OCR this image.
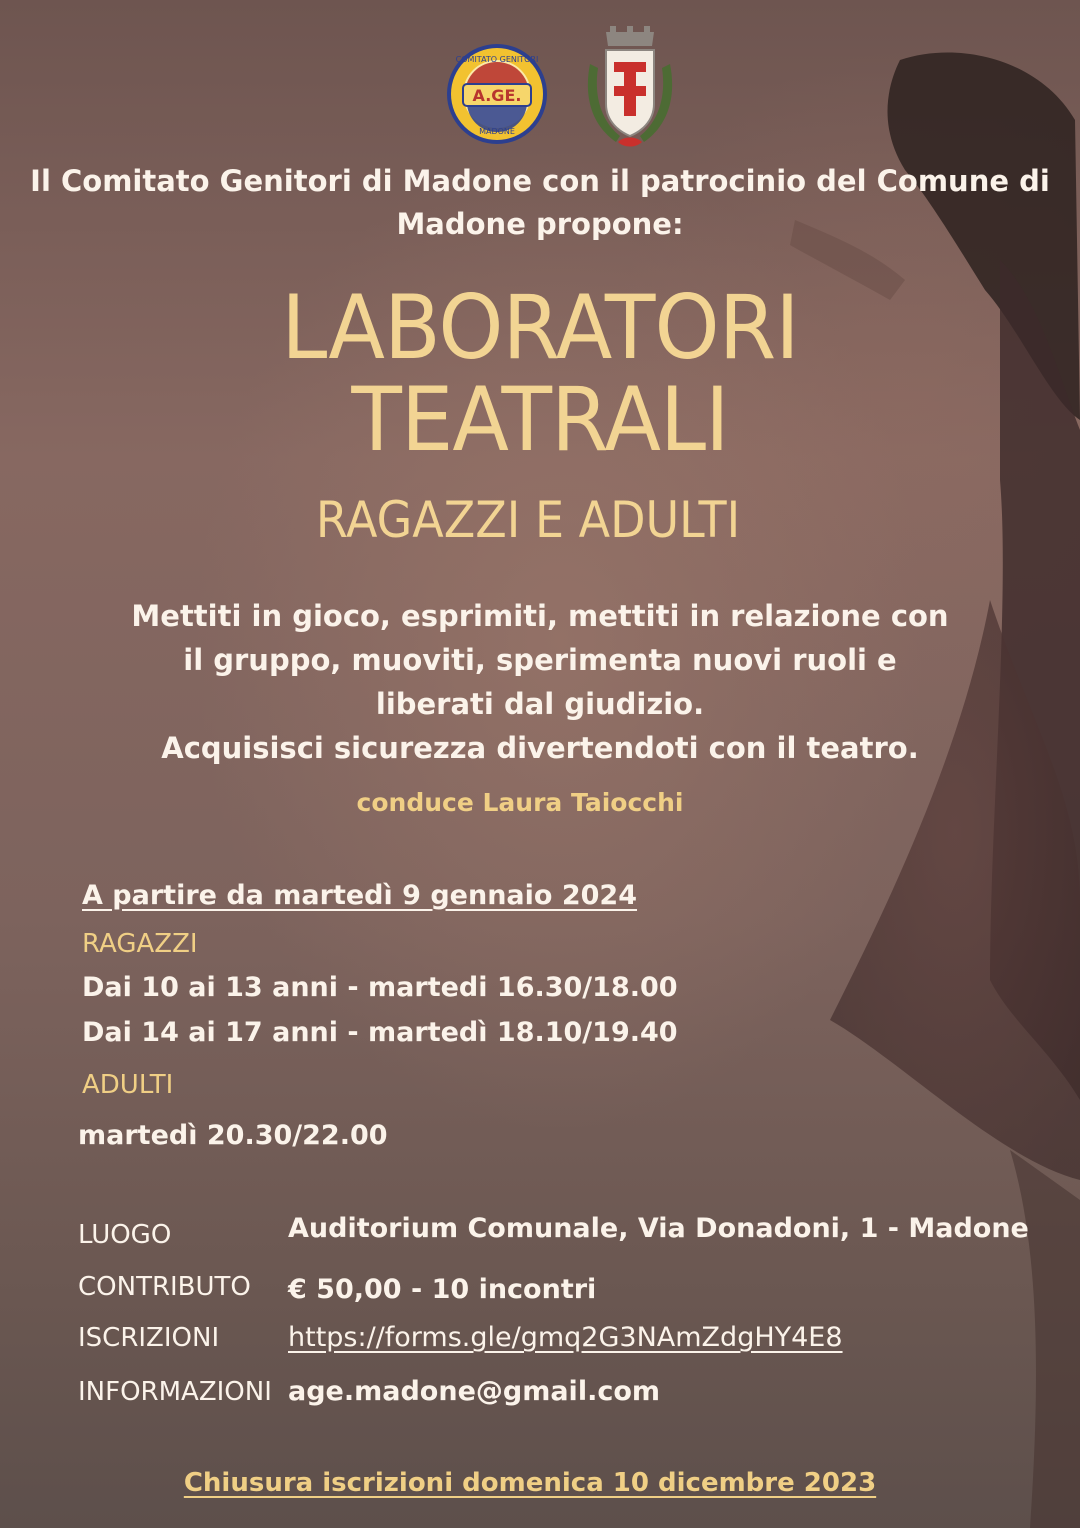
A.GE.
COMITATO GENITORI
MADONE
Il Comitato Genitori di Madone con il patrocinio del Comune di
Madone propone:
LABORATORI
TEATRALI
RAGAZZI E ADULTI
Mettiti in gioco, esprimiti, mettiti in relazione con
il gruppo, muoviti, sperimenta nuovi ruoli e
liberati dal giudizio.
Acquisisci sicurezza divertendoti con il teatro.
conduce Laura Taiocchi
A partire da martedì 9 gennaio 2024
RAGAZZI
Dai 10 ai 13 anni - martedi 16.30/18.00
Dai 14 ai 17 anni - martedì 18.10/19.40
ADULTI
martedì 20.30/22.00
LUOGO	Auditorium Comunale, Via Donadoni, 1 - Madone
CONTRIBUTO € 50,00 - 10 incontri
ISCRIZIONI	https://forms.gle/gmq2G3NAmZdgHY4E8
INFORMAZIONI age.madone@gmail.com
Chiusura iscrizioni domenica 10 dicembre 2023
